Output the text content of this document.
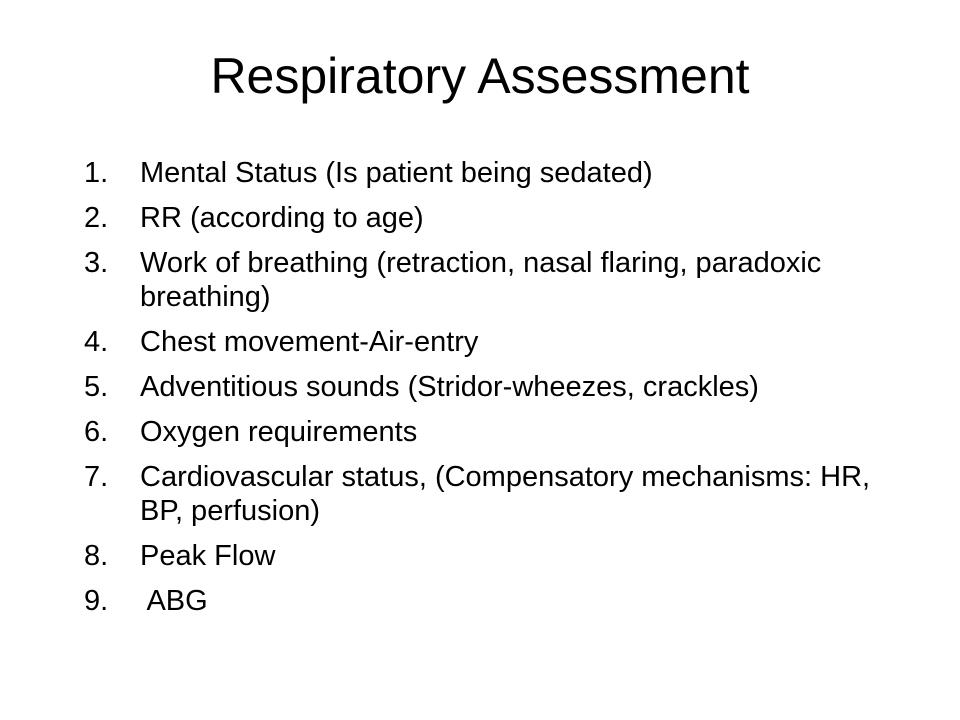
Respiratory Assessment
1. Mental Status (Is patient being sedated)
2. RR (according to age)
3. Work of breathing (retraction, nasal flaring, paradoxic breathing)
4. Chest movement-Air-entry
5. Adventitious sounds (Stridor-wheezes, crackles)
6. Oxygen requirements
7. Cardiovascular status, (Compensatory mechanisms: HR, BP, perfusion)
8. Peak Flow
9. ABG
